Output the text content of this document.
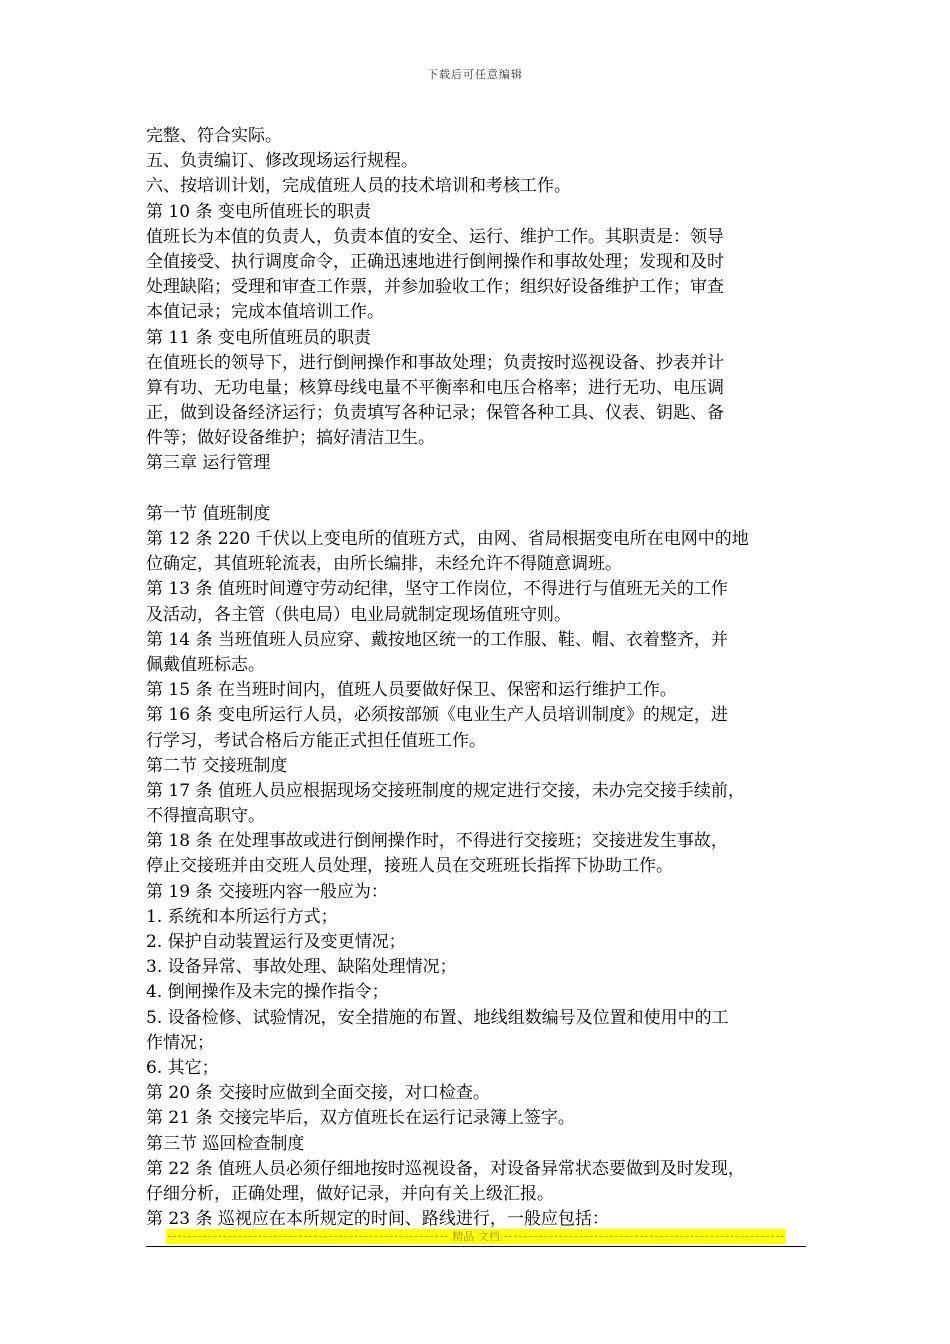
下载后可任意编辑
完整、符合实际。
五、负责编订、修改现场运行规程。
六、按培训计划，完成值班人员的技术培训和考核工作。
第 10 条 变电所值班长的职责
值班长为本值的负责人，负责本值的安全、运行、维护工作。其职责是：领导
全值接受、执行调度命令，正确迅速地进行倒闸操作和事故处理；发现和及时
处理缺陷；受理和审查工作票，并参加验收工作；组织好设备维护工作；审查
本值记录；完成本值培训工作。
第 11 条 变电所值班员的职责
在值班长的领导下，进行倒闸操作和事故处理；负责按时巡视设备、抄表并计
算有功、无功电量；核算母线电量不平衡率和电压合格率；进行无功、电压调
正，做到设备经济运行；负责填写各种记录；保管各种工具、仪表、钥匙、备
件等；做好设备维护；搞好清洁卫生。
第三章 运行管理
第一节 值班制度
第 12 条 220 千伏以上变电所的值班方式，由网、省局根据变电所在电网中的地
位确定，其值班轮流表，由所长编排，未经允许不得随意调班。
第 13 条 值班时间遵守劳动纪律，坚守工作岗位，不得进行与值班无关的工作
及活动，各主管（供电局）电业局就制定现场值班守则。
第 14 条 当班值班人员应穿、戴按地区统一的工作服、鞋、帽、衣着整齐，并
佩戴值班标志。
第 15 条 在当班时间内，值班人员要做好保卫、保密和运行维护工作。
第 16 条 变电所运行人员，必须按部颁《电业生产人员培训制度》的规定，进
行学习，考试合格后方能正式担任值班工作。
第二节 交接班制度
第 17 条 值班人员应根据现场交接班制度的规定进行交接，未办完交接手续前，
不得擅高职守。
第 18 条 在处理事故或进行倒闸操作时，不得进行交接班；交接进发生事故，
停止交接班并由交班人员处理，接班人员在交班班长指挥下协助工作。
第 19 条 交接班内容一般应为：
1. 系统和本所运行方式；
2. 保护自动装置运行及变更情况；
3. 设备异常、事故处理、缺陷处理情况；
4. 倒闸操作及未完的操作指令；
5. 设备检修、试验情况，安全措施的布置、地线组数编号及位置和使用中的工
作情况；
6. 其它；
第 20 条 交接时应做到全面交接，对口检查。
第 21 条 交接完毕后，双方值班长在运行记录簿上签字。
第三节 巡回检查制度
第 22 条 值班人员必须仔细地按时巡视设备，对设备异常状态要做到及时发现，
仔细分析，正确处理，做好记录，并向有关上级汇报。
第 23 条 巡视应在本所规定的时间、路线进行，一般应包括：
精品 文档
